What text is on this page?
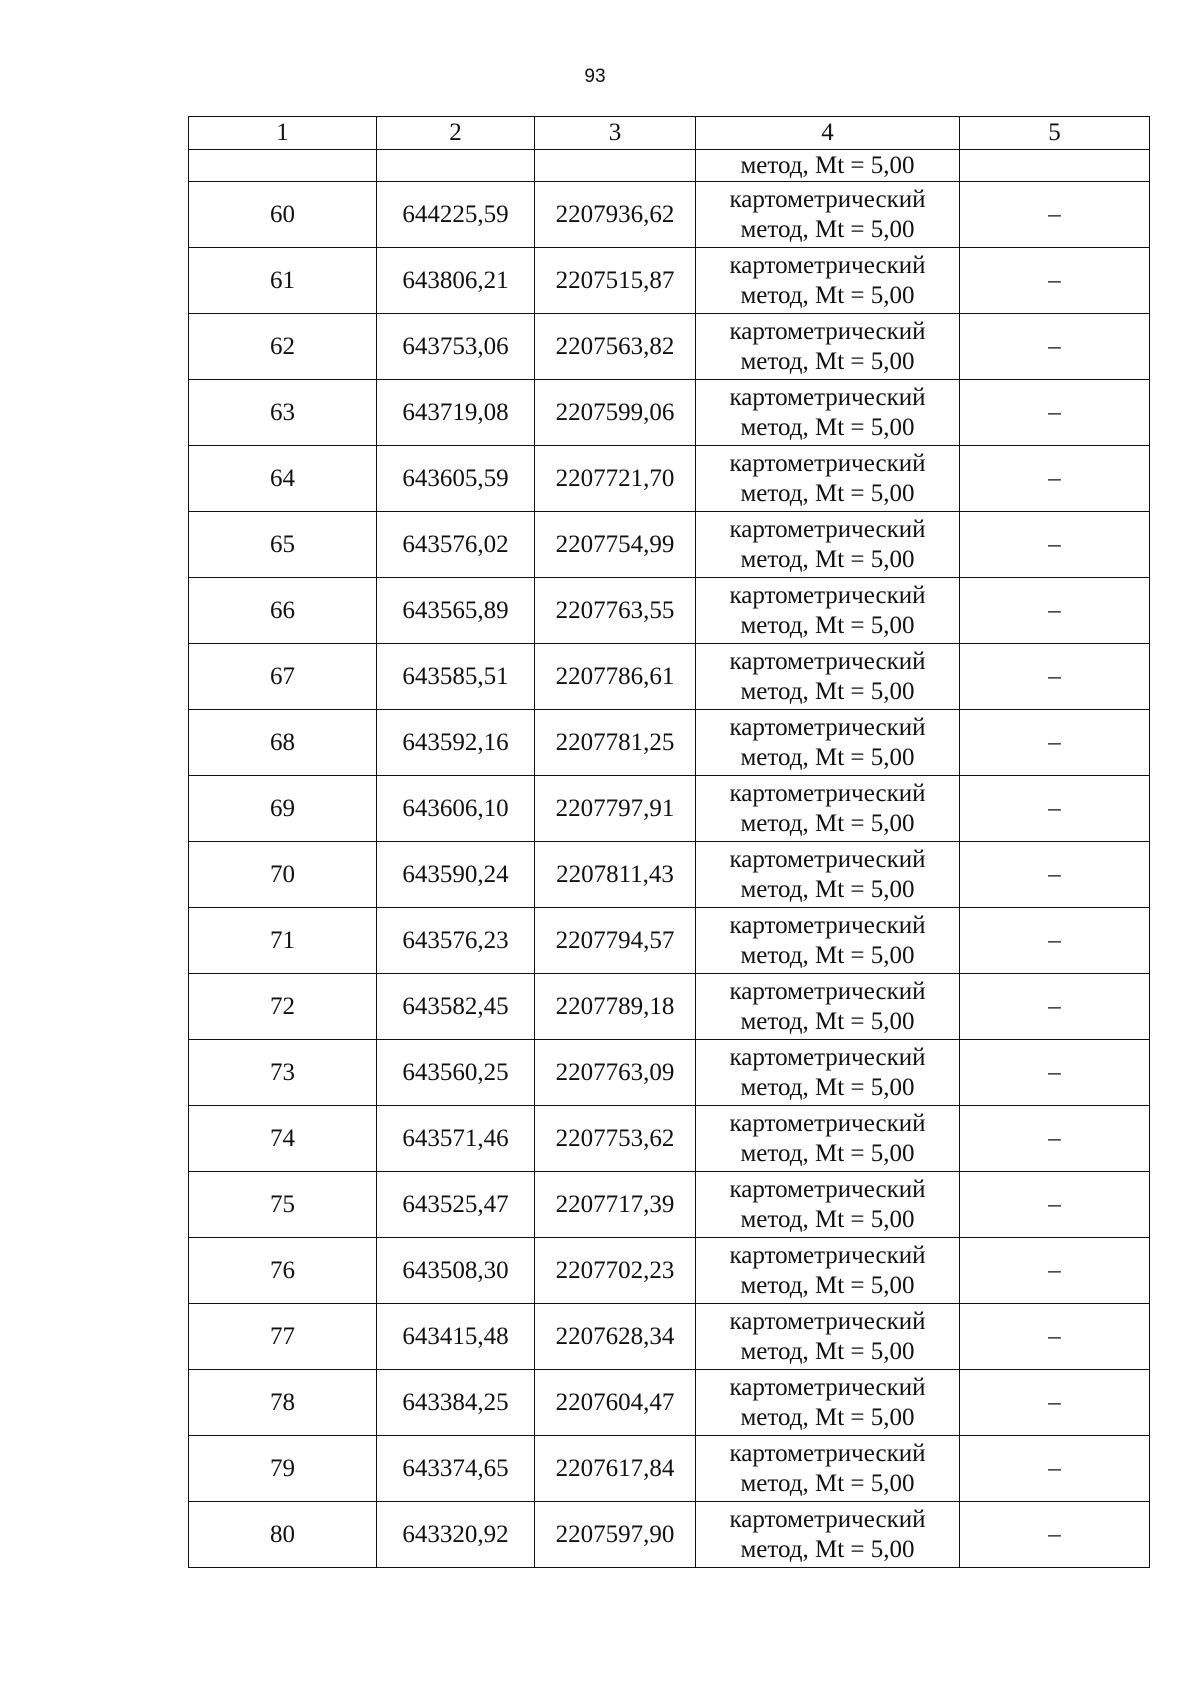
93
1	2	3	4	5
			метод, Mt = 5,00	
60	644225,59	2207936,62	картометрический
метод, Mt = 5,00	–
61	643806,21	2207515,87	картометрический
метод, Mt = 5,00	–
62	643753,06	2207563,82	картометрический
метод, Mt = 5,00	–
63	643719,08	2207599,06	картометрический
метод, Mt = 5,00	–
64	643605,59	2207721,70	картометрический
метод, Mt = 5,00	–
65	643576,02	2207754,99	картометрический
метод, Mt = 5,00	–
66	643565,89	2207763,55	картометрический
метод, Mt = 5,00	–
67	643585,51	2207786,61	картометрический
метод, Mt = 5,00	–
68	643592,16	2207781,25	картометрический
метод, Mt = 5,00	–
69	643606,10	2207797,91	картометрический
метод, Mt = 5,00	–
70	643590,24	2207811,43	картометрический
метод, Mt = 5,00	–
71	643576,23	2207794,57	картометрический
метод, Mt = 5,00	–
72	643582,45	2207789,18	картометрический
метод, Mt = 5,00	–
73	643560,25	2207763,09	картометрический
метод, Mt = 5,00	–
74	643571,46	2207753,62	картометрический
метод, Mt = 5,00	–
75	643525,47	2207717,39	картометрический
метод, Mt = 5,00	–
76	643508,30	2207702,23	картометрический
метод, Mt = 5,00	–
77	643415,48	2207628,34	картометрический
метод, Mt = 5,00	–
78	643384,25	2207604,47	картометрический
метод, Mt = 5,00	–
79	643374,65	2207617,84	картометрический
метод, Mt = 5,00	–
80	643320,92	2207597,90	картометрический
метод, Mt = 5,00	–
